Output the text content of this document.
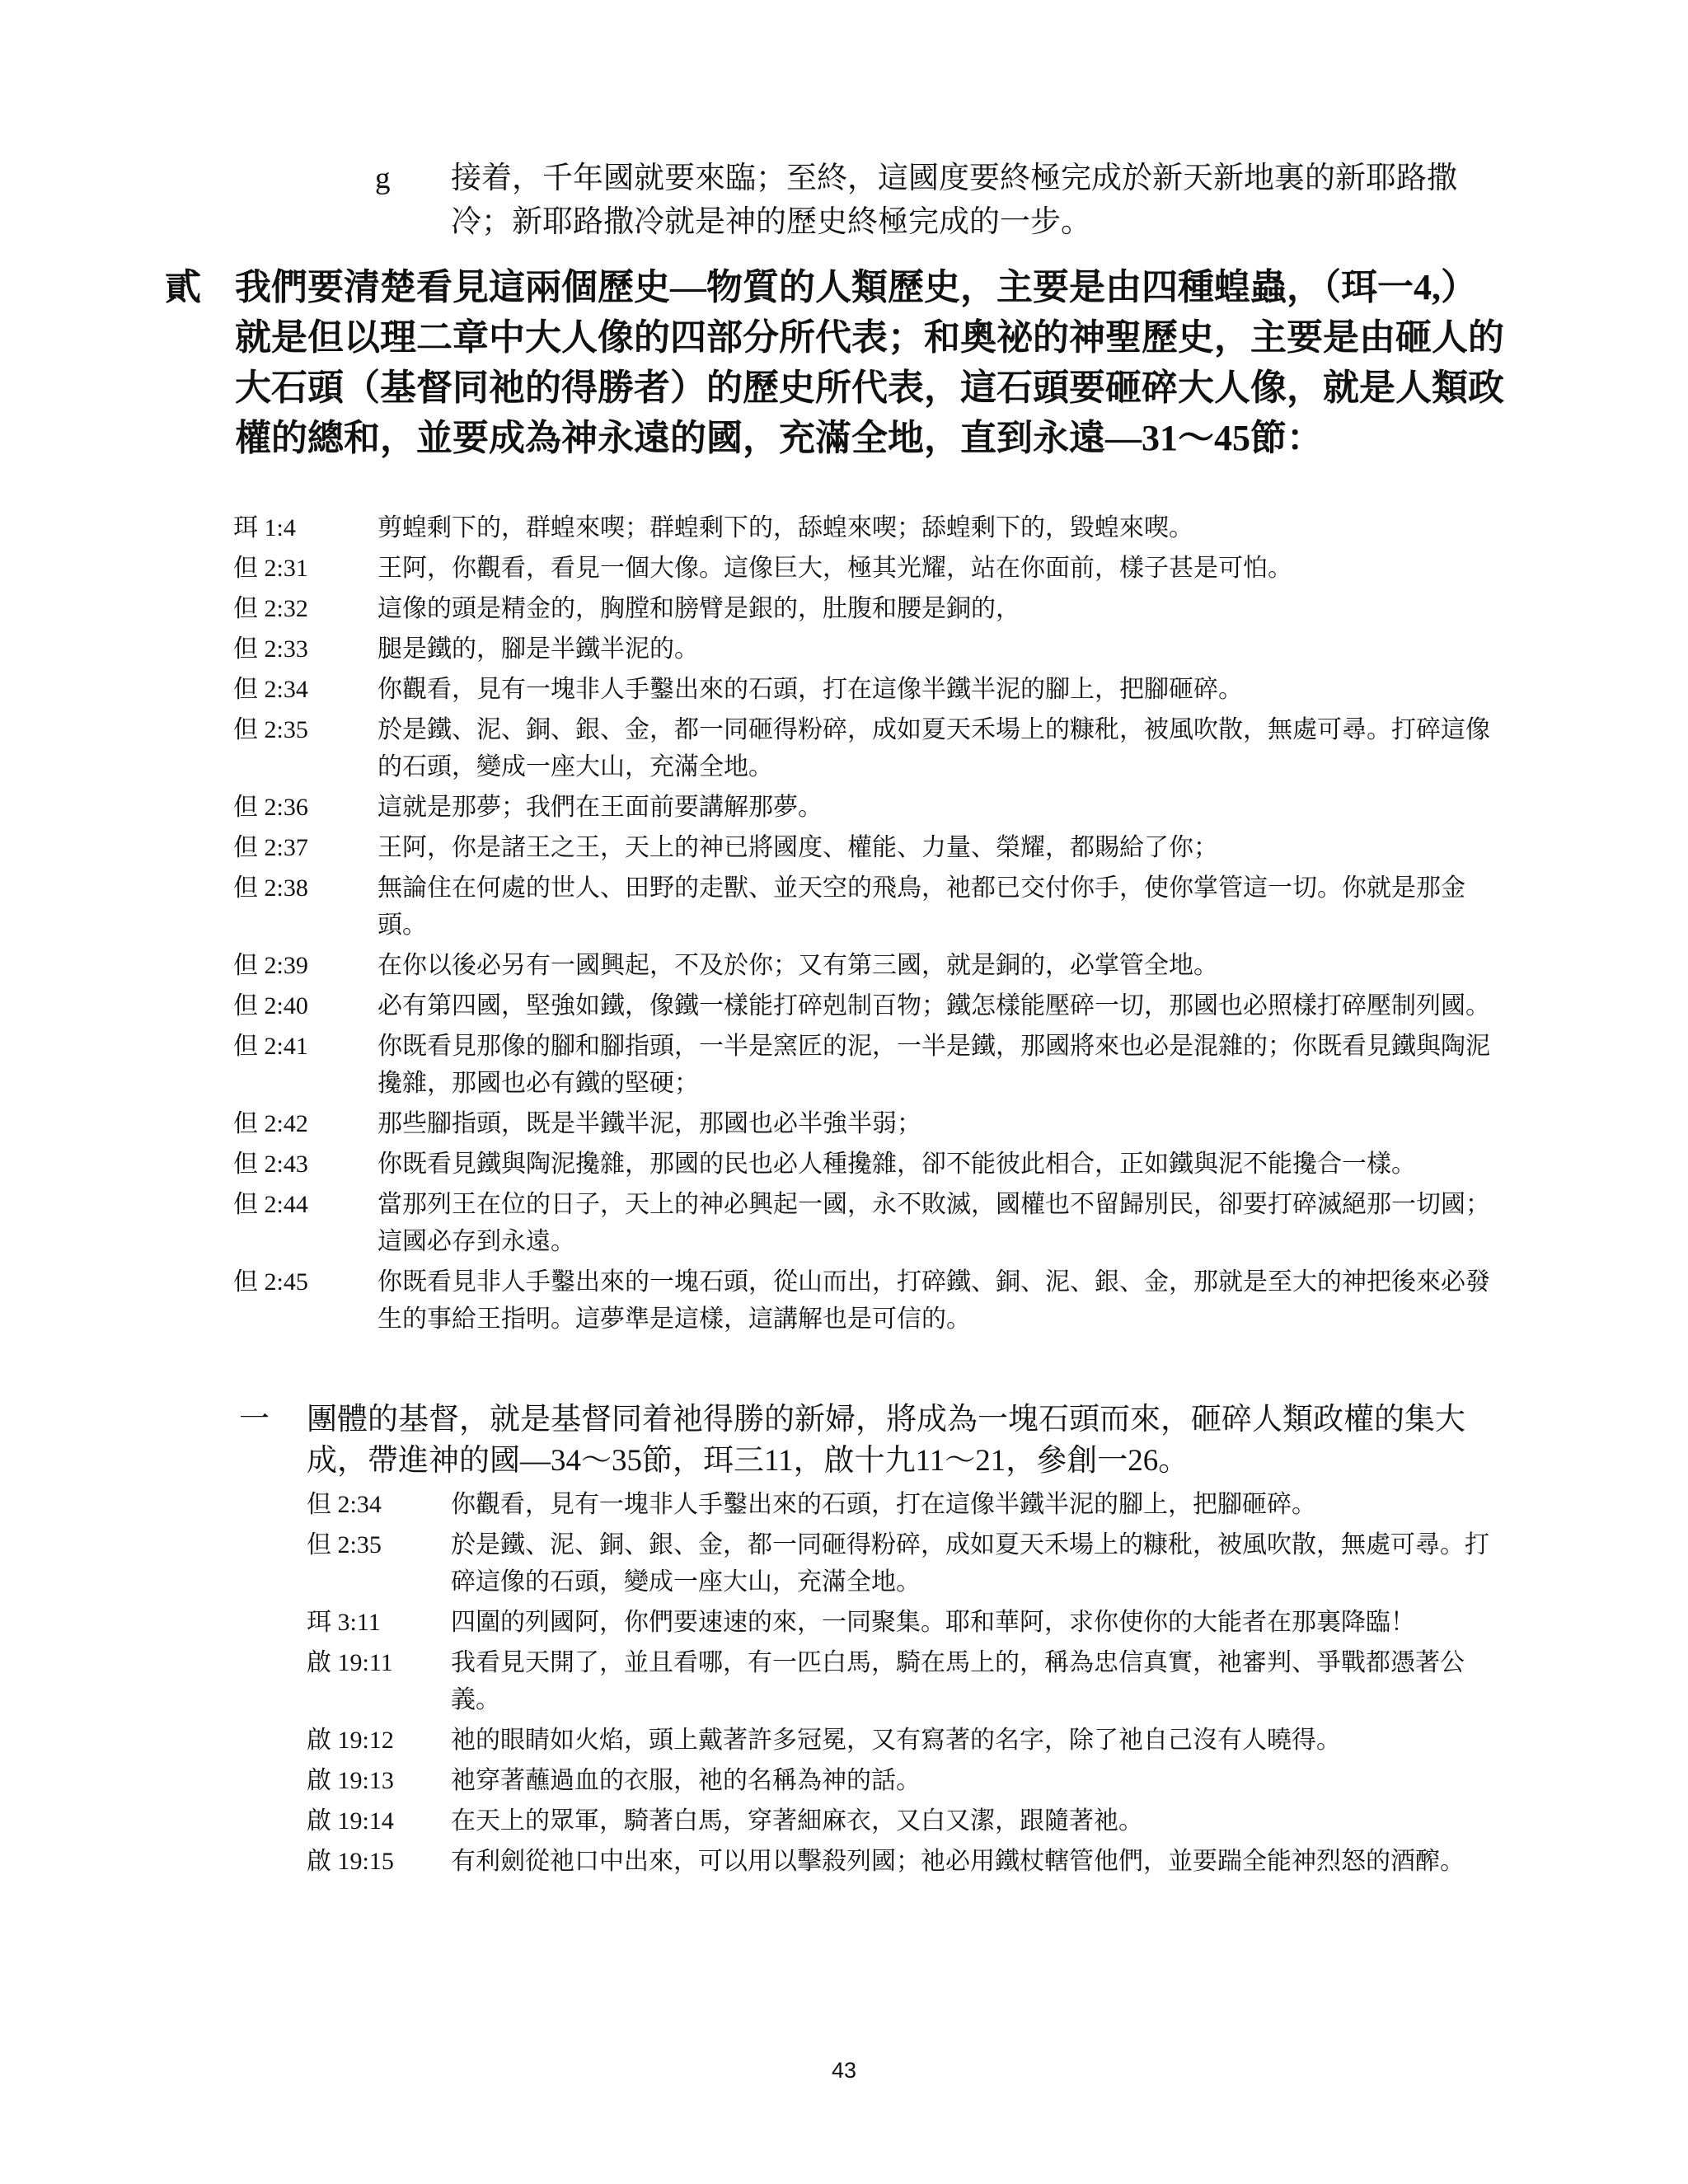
g 接着，千年國就要來臨；至終，這國度要終極完成於新天新地裏的新耶路撒冷；新耶路撒冷就是神的歷史終極完成的一步。
貳 我們要清楚看見這兩個歷史—物質的人類歷史，主要是由四種蝗蟲，（珥一4,）就是但以理二章中大人像的四部分所代表；和奧祕的神聖歷史，主要是由砸人的大石頭（基督同祂的得勝者）的歷史所代表，這石頭要砸碎大人像，就是人類政權的總和，並要成為神永遠的國，充滿全地，直到永遠—31～45節：
珥 1:4	剪蝗剩下的，群蝗來喫；群蝗剩下的，舔蝗來喫；舔蝗剩下的，毀蝗來喫。
但 2:31	王阿，你觀看，看見一個大像。這像巨大，極其光耀，站在你面前，樣子甚是可怕。
但 2:32	這像的頭是精金的，胸膛和膀臂是銀的，肚腹和腰是銅的，
但 2:33	腿是鐵的，腳是半鐵半泥的。
但 2:34	你觀看，見有一塊非人手鑿出來的石頭，打在這像半鐵半泥的腳上，把腳砸碎。
但 2:35	於是鐵、泥、銅、銀、金，都一同砸得粉碎，成如夏天禾場上的糠秕，被風吹散，無處可尋。打碎這像的石頭，變成一座大山，充滿全地。
但 2:36	這就是那夢；我們在王面前要講解那夢。
但 2:37	王阿，你是諸王之王，天上的神已將國度、權能、力量、榮耀，都賜給了你；
但 2:38	無論住在何處的世人、田野的走獸、並天空的飛鳥，祂都已交付你手，使你掌管這一切。你就是那金頭。
但 2:39	在你以後必另有一國興起，不及於你；又有第三國，就是銅的，必掌管全地。
但 2:40	必有第四國，堅強如鐵，像鐵一樣能打碎剋制百物；鐵怎樣能壓碎一切，那國也必照樣打碎壓制列國。
但 2:41	你既看見那像的腳和腳指頭，一半是窯匠的泥，一半是鐵，那國將來也必是混雜的；你既看見鐵與陶泥攙雜，那國也必有鐵的堅硬；
但 2:42	那些腳指頭，既是半鐵半泥，那國也必半強半弱；
但 2:43	你既看見鐵與陶泥攙雜，那國的民也必人種攙雜，卻不能彼此相合，正如鐵與泥不能攙合一樣。
但 2:44	當那列王在位的日子，天上的神必興起一國，永不敗滅，國權也不留歸別民，卻要打碎滅絕那一切國；這國必存到永遠。
但 2:45	你既看見非人手鑿出來的一塊石頭，從山而出，打碎鐵、銅、泥、銀、金，那就是至大的神把後來必發生的事給王指明。這夢準是這樣，這講解也是可信的。
一 團體的基督，就是基督同着祂得勝的新婦，將成為一塊石頭而來，砸碎人類政權的集大成，帶進神的國—34～35節，珥三11，啟十九11～21，參創一26。
但 2:34	你觀看，見有一塊非人手鑿出來的石頭，打在這像半鐵半泥的腳上，把腳砸碎。
但 2:35	於是鐵、泥、銅、銀、金，都一同砸得粉碎，成如夏天禾場上的糠秕，被風吹散，無處可尋。打碎這像的石頭，變成一座大山，充滿全地。
珥 3:11	四圍的列國阿，你們要速速的來，一同聚集。耶和華阿，求你使你的大能者在那裏降臨！
啟 19:11 我看見天開了，並且看哪，有一匹白馬，騎在馬上的，稱為忠信真實，祂審判、爭戰都憑著公義。
啟 19:12 祂的眼睛如火焰，頭上戴著許多冠冕，又有寫著的名字，除了祂自己沒有人曉得。
啟 19:13 祂穿著蘸過血的衣服，祂的名稱為神的話。
啟 19:14 在天上的眾軍，騎著白馬，穿著細麻衣，又白又潔，跟隨著祂。
啟 19:15 有利劍從祂口中出來，可以用以擊殺列國；祂必用鐵杖轄管他們，並要踹全能神烈怒的酒醡。
43
